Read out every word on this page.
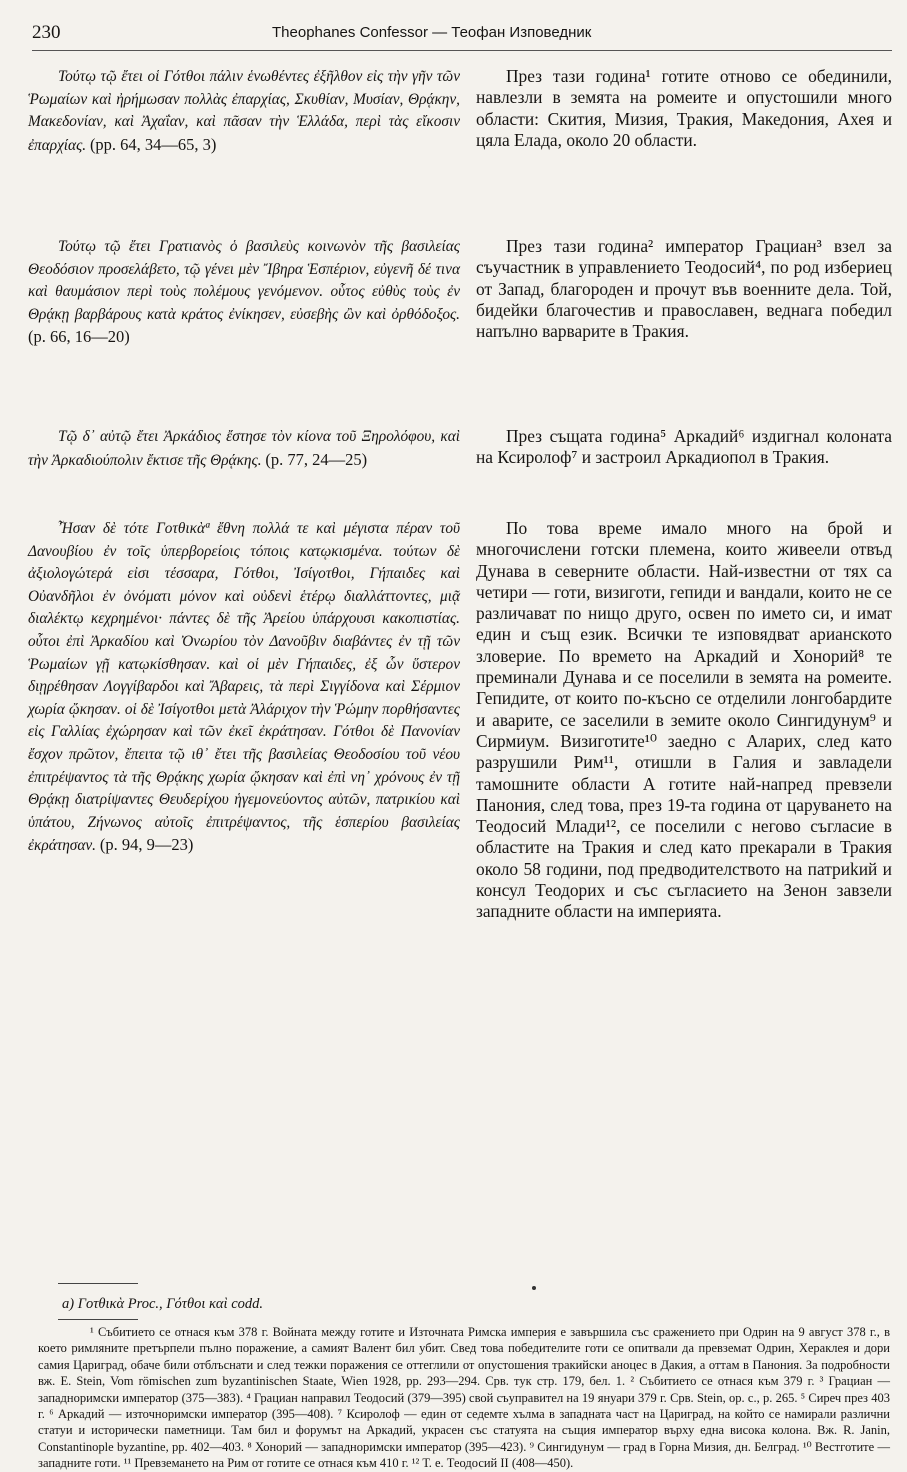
230	Theophanes Confessor — Теофан Изповедник

Τούτῳ τῷ ἔτει οἱ Γότθοι πάλιν ἑνωθέντες ἐξῆλθον εἰς τὴν γῆν τῶν Ῥωμαίων καὶ ἠρήμωσαν πολλὰς ἐπαρχίας, Σκυθίαν, Μυσίαν, Θρᾴκην, Μακεδονίαν, καὶ Ἀχαΐαν, καὶ πᾶσαν τὴν Ἑλλάδα, περὶ τὰς εἴκοσιν ἐπαρχίας. (pp. 64, 34—65, 3)

През тази година¹ готите отново се обединили, навлезли в земята на ромеите и опустошили много области: Скития, Мизия, Тракия, Македония, Ахея и цяла Елада, около 20 области.

Τούτῳ τῷ ἔτει Γρατιανὸς ὁ βασιλεὺς κοινωνὸν τῆς βασιλείας Θεοδόσιον προσελάβετο, τῷ γένει μὲν Ἴβηρα Ἑσπέριον, εὐγενῆ δέ τινα καὶ θαυμάσιον περὶ τοὺς πολέμους γενόμενον. οὗτος εὐθὺς τοὺς ἐν Θρᾴκῃ βαρβάρους κατὰ κράτος ἐνίκησεν, εὐσεβὴς ὢν καὶ ὀρθόδοξος. (p. 66, 16—20)

През тази година² император Грациан³ взел за съучастник в управлението Теодосий⁴, по род избериец от Запад, благороден и прочут във военните дела. Той, бидейки благочестив и православен, веднага победил напълно варварите в Тракия.

Τῷ δ᾽ αὐτῷ ἔτει Ἀρκάδιος ἔστησε τὸν κίονα τοῦ Ξηρολόφου, καὶ τὴν Ἀρκαδιούπολιν ἔκτισε τῆς Θρᾴκης. (p. 77, 24—25)

През същата година⁵ Аркадий⁶ издигнал колоната на Ксиролоф⁷ и застроил Аркадиопол в Тракия.

Ἦσαν δὲ τότε Γοτθικὰª ἔθνη πολλά τε καὶ μέγιστα πέραν τοῦ Δανουβίου ἐν τοῖς ὑπερβορείοις τόποις κατῳκισμένα. τούτων δὲ ἀξιολογώτερά εἰσι τέσσαρα, Γότθοι, Ἰσίγοτθοι, Γήπαιδες καὶ Οὐανδῆλοι ἐν ὀνόματι μόνον καὶ οὐδενὶ ἑτέρῳ διαλλάττοντες, μιᾷ διαλέκτῳ κεχρημένοι· πάντες δὲ τῆς Ἀρείου ὑπάρχουσι κακοπιστίας. οὗτοι ἐπὶ Ἀρκαδίου καὶ Ὀνωρίου τὸν Δανοῦβιν διαβάντες ἐν τῇ τῶν Ῥωμαίων γῇ κατῳκίσθησαν. καὶ οἱ μὲν Γήπαιδες, ἐξ ὧν ὕστερον διῃρέθησαν Λογγίβαρδοι καὶ Ἄβαρεις, τὰ περὶ Σιγγίδονα καὶ Σέρμιον χωρία ᾤκησαν. οἱ δὲ Ἰσίγοτθοι μετὰ Ἀλάριχον τὴν Ῥώμην πορθήσαντες εἰς Γαλλίας ἐχώρησαν καὶ τῶν ἐκεῖ ἐκράτησαν. Γότθοι δὲ Πανονίαν ἔσχον πρῶτον, ἔπειτα τῷ ιθ᾽ ἔτει τῆς βασιλείας Θεοδοσίου τοῦ νέου ἐπιτρέψαντος τὰ τῆς Θρᾴκης χωρία ᾤκησαν καὶ ἐπὶ νη᾽ χρόνους ἐν τῇ Θρᾴκῃ διατρίψαντες Θευδερίχου ἡγεμονεύοντος αὐτῶν, πατρικίου καὶ ὑπάτου, Ζήνωνος αὐτοῖς ἐπιτρέψαντος, τῆς ἑσπερίου βασιλείας ἐκράτησαν. (p. 94, 9—23)

По това време имало много на брой и многочислени готски племена, които живеели отвъд Дунава в северните области. Най-известни от тях са четири — готи, визиготи, гепиди и вандали, които не се различават по нищо друго, освен по името си, и имат един и същ език. Всички те изповядват арианското зловерие. По времето на Аркадий и Хонорий⁸ те преминали Дунава и се поселили в земята на ромеите. Гепидите, от които по-късно се отделили лонгобардите и аварите, се заселили в земите около Сингидунум⁹ и Сирмиум. Визиготите¹⁰ заедно с Аларих, след като разрушили Рим¹¹, отишли в Галия и завладели тамошните области А готите най-напред превзели Панония, след това, през 19-та година от царуването на Теодосий Млади¹², се поселили с негово съгласие в областите на Тракия и след като прекарали в Тракия около 58 години, под предводителството на патриkий и консул Теодорих и със съгласието на Зенон завзели западните области на империята.

a) Γοτθικὰ Proc., Γότθοι καὶ codd.

¹ Събитието се отнася към 378 г. Войната между готите и Източната Римска империя е завършила със сражението при Одрин на 9 август 378 г., в което римляните претърпели пълно поражение, а самият Валент бил убит. Свед това победителите готи се опитвали да превземат Одрин, Хераклея и дори самия Цариград, обаче били отблъснати и след тежки поражения се оттеглили от опустошения тракийски аноцес в Дакия, а оттам в Панония. За подробности вж. E. Stein, Vom römischen zum byzantinischen Staate, Wien 1928, pp. 293—294. Срв. тук стр. 179, бел. 1. ² Събитието се отнася към 379 г. ³ Грациан — западноримски император (375—383). ⁴ Грациан направил Теодосий (379—395) свой съуправител на 19 януари 379 г. Срв. Stein, op. c., p. 265. ⁵ Сиреч през 403 г. ⁶ Аркадий — източноримски император (395—408). ⁷ Ксиролоф — един от седемте хълма в западната част на Цариград, на който се намирали различни статуи и исторически паметници. Там бил и форумът на Аркадий, украсен със статуята на същия император върху една висока колона. Вж. R. Janin, Constantinople byzantine, pp. 402—403. ⁸ Хонорий — западноримски император (395—423). ⁹ Сингидунум — град в Горна Мизия, дн. Белград. ¹⁰ Вестготите — западните готи. ¹¹ Превземането на Рим от готите се отнася към 410 г. ¹² Т. е. Теодосий II (408—450).
